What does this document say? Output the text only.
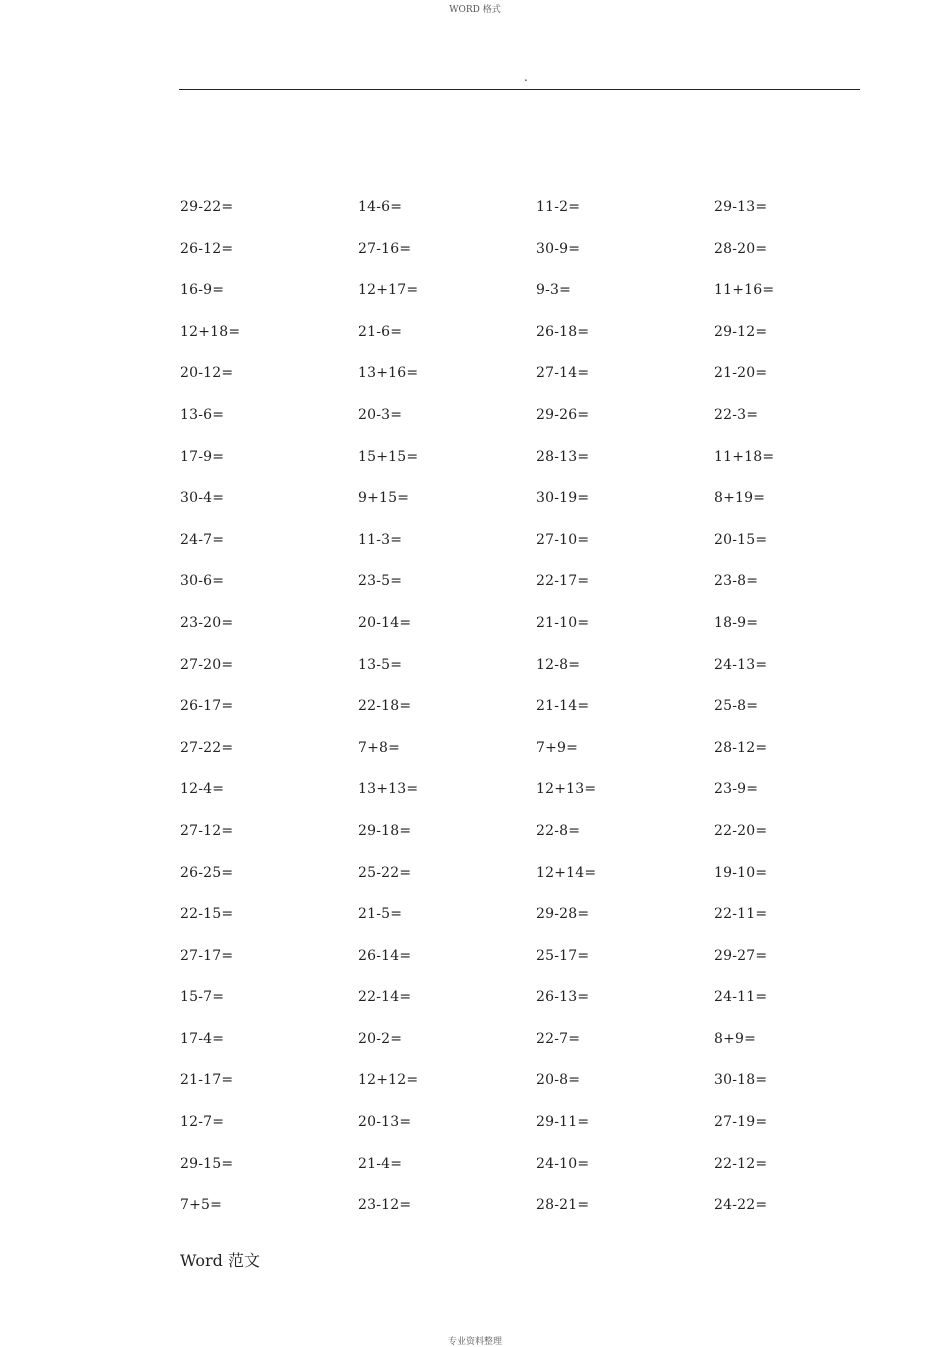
WORD 格式
.
29-22=	14-6=	11-2=	29-13=
26-12=	27-16=	30-9=	28-20=
16-9=	12+17=	9-3=	11+16=
12+18=	21-6=	26-18=	29-12=
20-12=	13+16=	27-14=	21-20=
13-6=	20-3=	29-26=	22-3=
17-9=	15+15=	28-13=	11+18=
30-4=	9+15=	30-19=	8+19=
24-7=	11-3=	27-10=	20-15=
30-6=	23-5=	22-17=	23-8=
23-20=	20-14=	21-10=	18-9=
27-20=	13-5=	12-8=	24-13=
26-17=	22-18=	21-14=	25-8=
27-22=	7+8=	7+9=	28-12=
12-4=	13+13=	12+13=	23-9=
27-12=	29-18=	22-8=	22-20=
26-25=	25-22=	12+14=	19-10=
22-15=	21-5=	29-28=	22-11=
27-17=	26-14=	25-17=	29-27=
15-7=	22-14=	26-13=	24-11=
17-4=	20-2=	22-7=	8+9=
21-17=	12+12=	20-8=	30-18=
12-7=	20-13=	29-11=	27-19=
29-15=	21-4=	24-10=	22-12=
7+5=	23-12=	28-21=	24-22=
Word 范文
专业资料整理
